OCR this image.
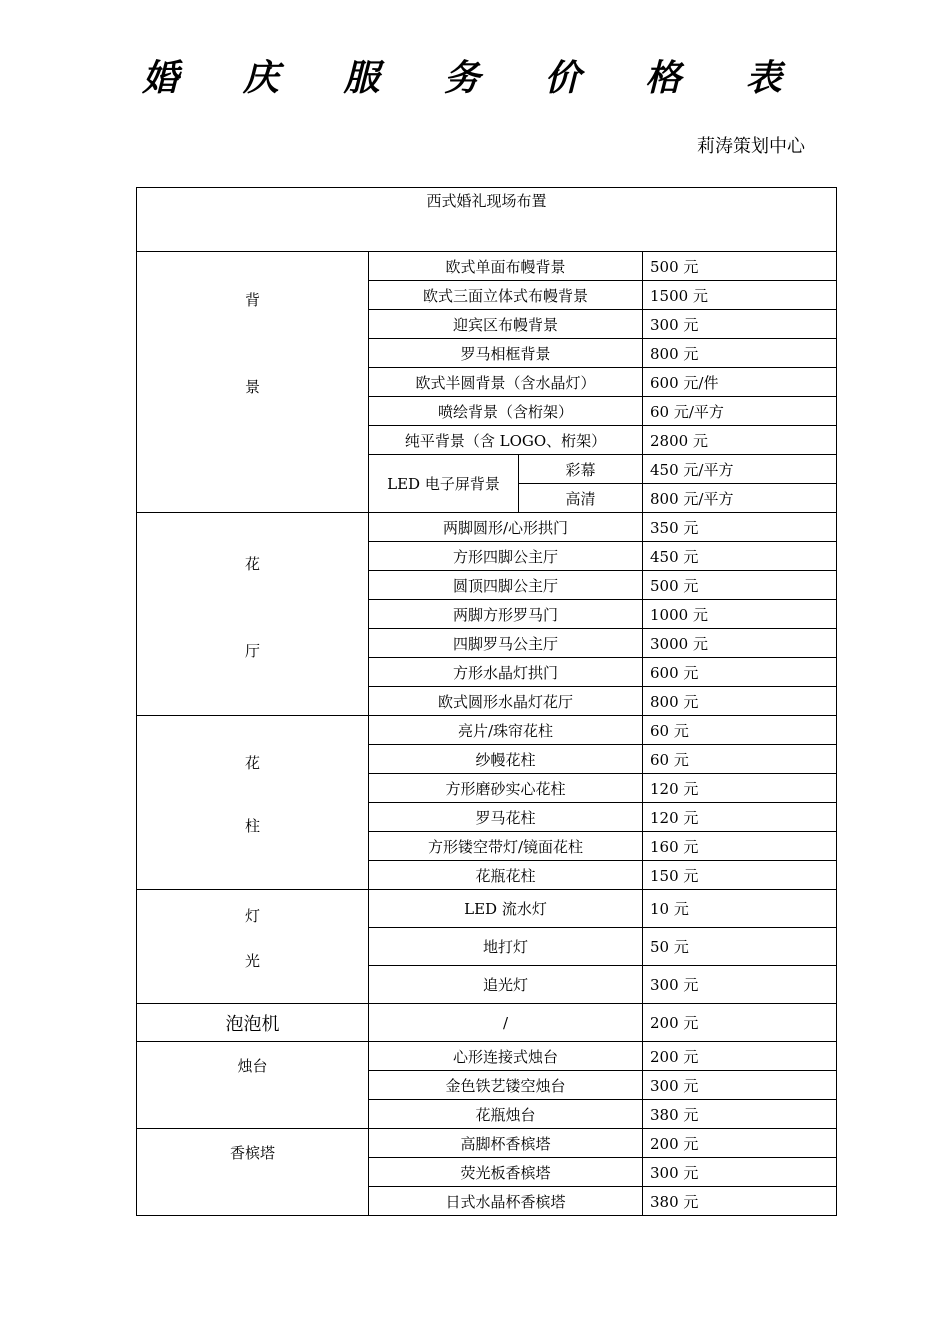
婚 庆 服 务 价 格 表
莉涛策划中心
西式婚礼现场布置			

背
景	欧式单面布幔背景		500 元
	欧式三面立体式布幔背景		1500 元
	迎宾区布幔背景		300 元
	罗马相框背景		800 元
	欧式半圆背景（含水晶灯）		600 元/件
	喷绘背景（含桁架）		60 元/平方
	纯平背景（含 LOGO、桁架）		2800 元
	LED 电子屏背景	彩幕	450 元/平方
		高清	800 元/平方

花
厅	两脚圆形/心形拱门		350 元
	方形四脚公主厅		450 元
	圆顶四脚公主厅		500 元
	两脚方形罗马门		1000 元
	四脚罗马公主厅		3000 元
	方形水晶灯拱门		600 元
	欧式圆形水晶灯花厅		800 元

花
柱	亮片/珠帘花柱		60 元
	纱幔花柱		60 元
	方形磨砂实心花柱		120 元
	罗马花柱		120 元
	方形镂空带灯/镜面花柱		160 元
	花瓶花柱		150 元

灯
光	LED 流水灯		10 元
	地打灯		50 元
	追光灯		300 元
泡泡机	/		200 元

烛台	心形连接式烛台		200 元
	金色铁艺镂空烛台		300 元
	花瓶烛台		380 元

香槟塔	高脚杯香槟塔		200 元
	荧光板香槟塔		300 元
	日式水晶杯香槟塔		380 元
